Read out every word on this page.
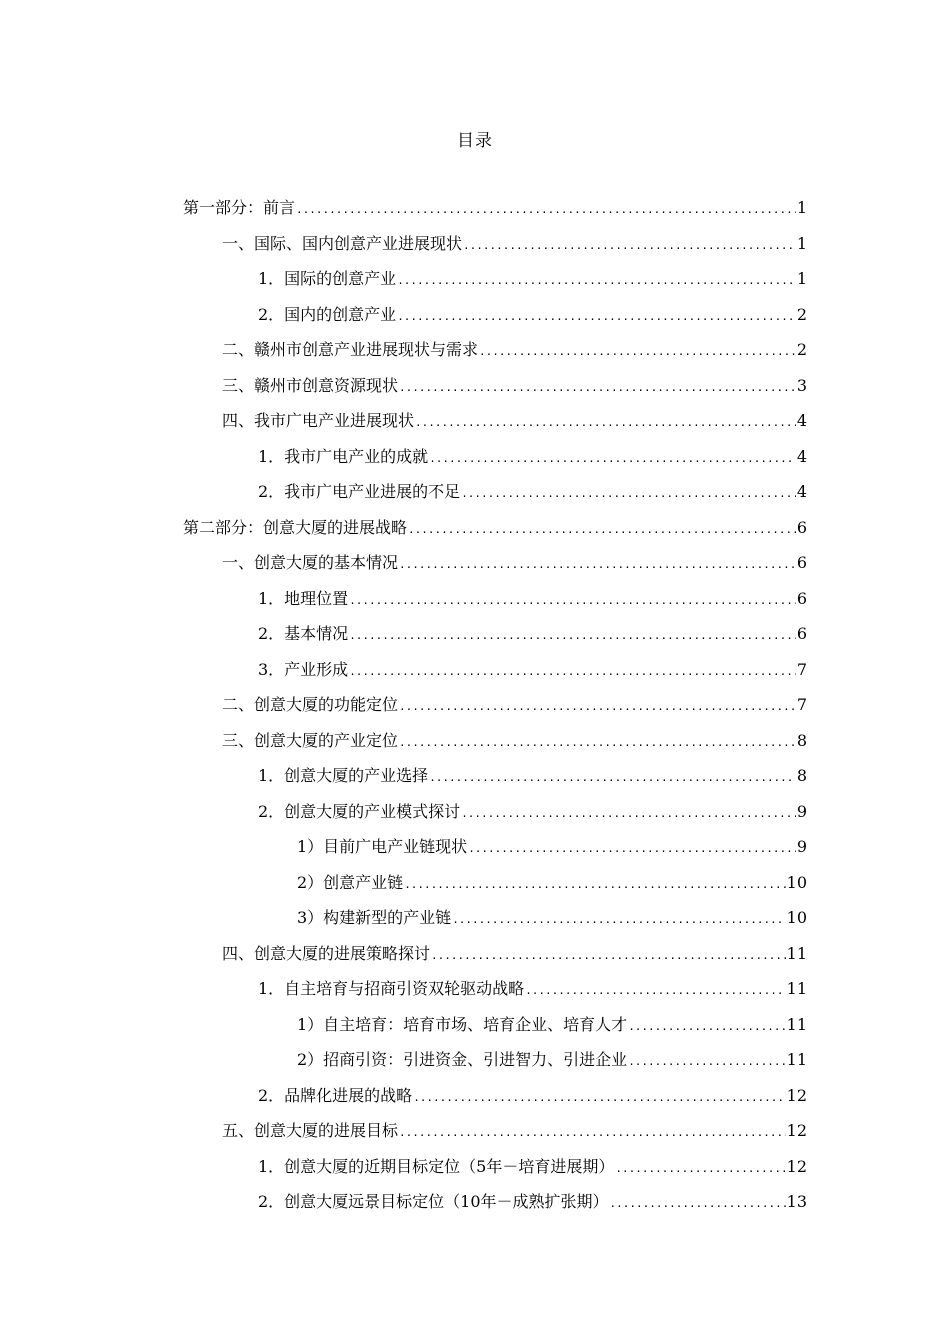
目录
第一部分：前言 .....	1
一、国际、国内创意产业进展现状 .....	1
1．国际的创意产业 .....	1
2．国内的创意产业 .....	2
二、赣州市创意产业进展现状与需求 .....	2
三、赣州市创意资源现状 .....	3
四、我市广电产业进展现状 .....	4
1．我市广电产业的成就 .....	4
2．我市广电产业进展的不足 .....	4
第二部分：创意大厦的进展战略 .....	6
一、创意大厦的基本情况 .....	6
1．地理位置 .....	6
2．基本情况 .....	6
3．产业形成 .....	7
二、创意大厦的功能定位 .....	7
三、创意大厦的产业定位 .....	8
1．创意大厦的产业选择 .....	8
2．创意大厦的产业模式探讨 .....	9
1）目前广电产业链现状 .....	9
2）创意产业链 .....	10
3）构建新型的产业链 .....	10
四、创意大厦的进展策略探讨 .....	11
1．自主培育与招商引资双轮驱动战略 .....	11
1）自主培育：培育市场、培育企业、培育人才 .....	11
2）招商引资：引进资金、引进智力、引进企业 .....	11
2．品牌化进展的战略 .....	12
五、创意大厦的进展目标 .....	12
1．创意大厦的近期目标定位（5年－培育进展期） .....	12
2．创意大厦远景目标定位（10年－成熟扩张期） .....	13
